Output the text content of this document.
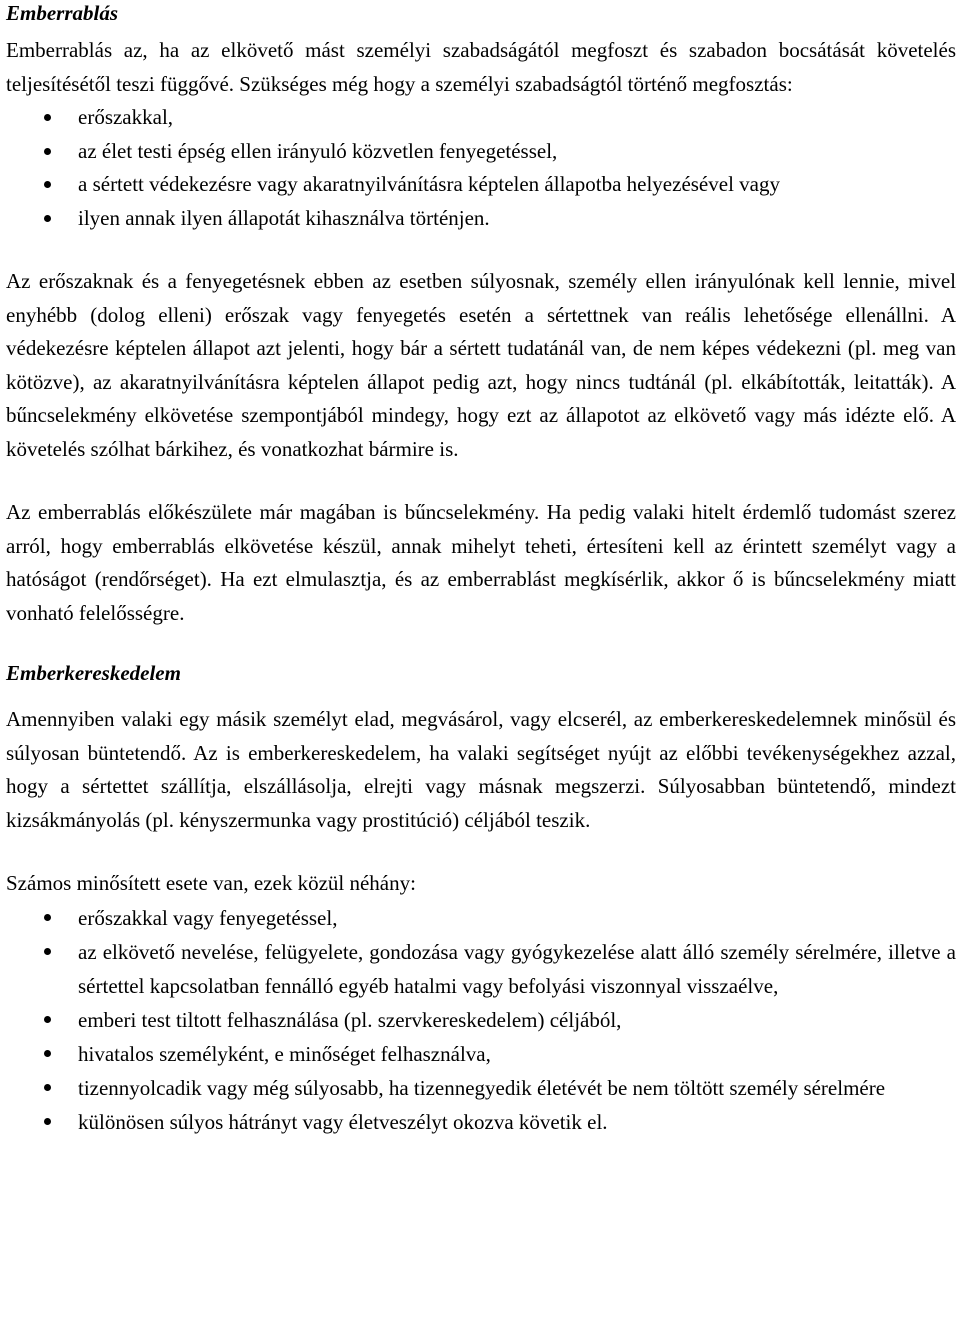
Emberrablás

Emberrablás az, ha az elkövető mást személyi szabadságától megfoszt és szabadon bocsátását követelés teljesítésétől teszi függővé. Szükséges még hogy a személyi szabadságtól történő megfosztás:

erőszakkal,
az élet testi épség ellen irányuló közvetlen fenyegetéssel,
a sértett védekezésre vagy akaratnyilvánításra képtelen állapotba helyezésével vagy
ilyen annak ilyen állapotát kihasználva történjen.

Az erőszaknak és a fenyegetésnek ebben az esetben súlyosnak, személy ellen irányulónak kell lennie, mivel enyhébb (dolog elleni) erőszak vagy fenyegetés esetén a sértettnek van reális lehetősége ellenállni. A védekezésre képtelen állapot azt jelenti, hogy bár a sértett tudatánál van, de nem képes védekezni (pl. meg van kötözve), az akaratnyilvánításra képtelen állapot pedig azt, hogy nincs tudtánál (pl. elkábították, leitatták). A bűncselekmény elkövetése szempontjából mindegy, hogy ezt az állapotot az elkövető vagy más idézte elő. A követelés szólhat bárkihez, és vonatkozhat bármire is.

Az emberrablás előkészülete már magában is bűncselekmény. Ha pedig valaki hitelt érdemlő tudomást szerez arról, hogy emberrablás elkövetése készül, annak mihelyt teheti, értesíteni kell az érintett személyt vagy a hatóságot (rendőrséget). Ha ezt elmulasztja, és az emberrablást megkísérlik, akkor ő is bűncselekmény miatt vonható felelősségre.

Emberkereskedelem

Amennyiben valaki egy másik személyt elad, megvásárol, vagy elcserél, az emberkereskedelemnek minősül és súlyosan büntetendő. Az is emberkereskedelem, ha valaki segítséget nyújt az előbbi tevékenységekhez azzal, hogy a sértettet szállítja, elszállásolja, elrejti vagy másnak megszerzi. Súlyosabban büntetendő, mindezt kizsákmányolás (pl. kényszermunka vagy prostitúció) céljából teszik.

Számos minősített esete van, ezek közül néhány:

erőszakkal vagy fenyegetéssel,
az elkövető nevelése, felügyelete, gondozása vagy gyógykezelése alatt álló személy sérelmére, illetve a sértettel kapcsolatban fennálló egyéb hatalmi vagy befolyási viszonnyal visszaélve,
emberi test tiltott felhasználása (pl. szervkereskedelem) céljából,
hivatalos személyként, e minőséget felhasználva,
tizennyolcadik vagy még súlyosabb, ha tizennegyedik életévét be nem töltött személy sérelmére
különösen súlyos hátrányt vagy életveszélyt okozva követik el.
